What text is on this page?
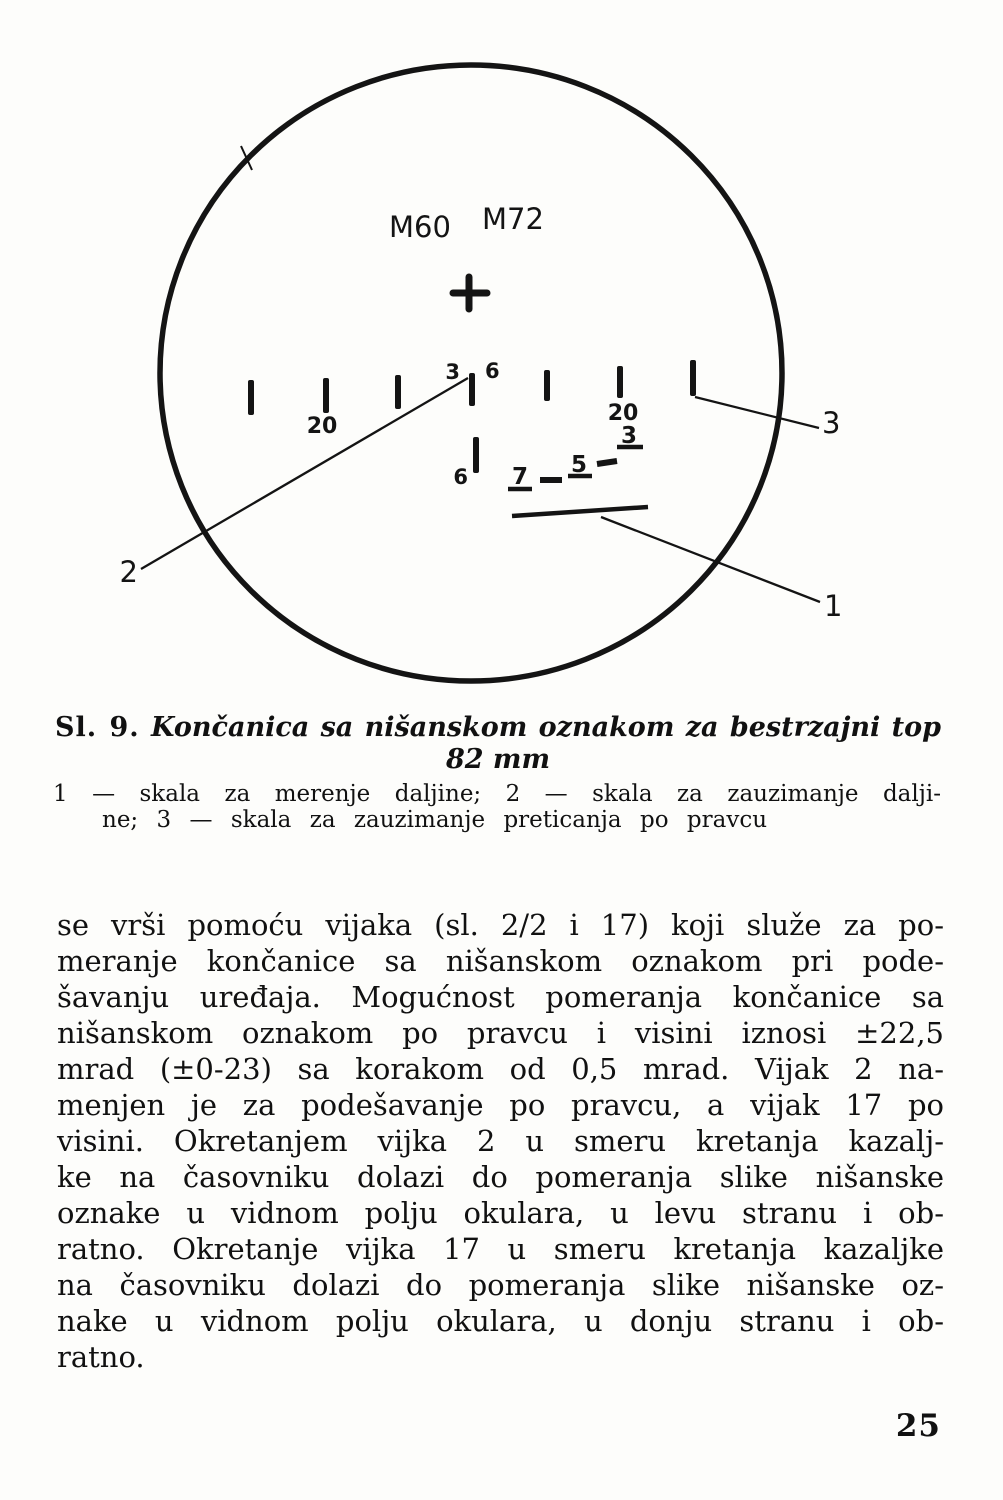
M60 M72
3 6
20
20
6 7 5
3
1
2
3
Sl. 9. Končanica sa nišanskom oznakom za bestrzajni top
82 mm
1 — skala za merenje daljine; 2 — skala za zauzimanje dalji-
ne; 3 — skala za zauzimanje preticanja po pravcu
se vrši pomoću vijaka (sl. 2/2 i 17) koji služe za po-
meranje končanice sa nišanskom oznakom pri pode-
šavanju uređaja. Mogućnost pomeranja končanice sa
nišanskom oznakom po pravcu i visini iznosi ±22,5
mrad (±0-23) sa korakom od 0,5 mrad. Vijak 2 na-
menjen je za podešavanje po pravcu, a vijak 17 po
visini. Okretanjem vijka 2 u smeru kretanja kazalj-
ke na časovniku dolazi do pomeranja slike nišanske
oznake u vidnom polju okulara, u levu stranu i ob-
ratno. Okretanje vijka 17 u smeru kretanja kazaljke
na časovniku dolazi do pomeranja slike nišanske oz-
nake u vidnom polju okulara, u donju stranu i ob-
ratno.
25
